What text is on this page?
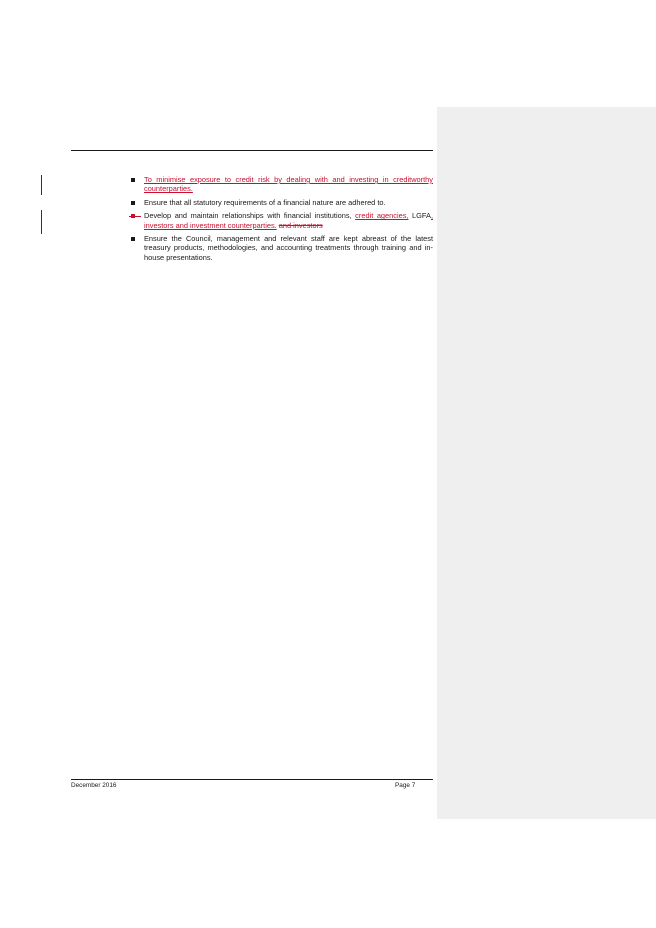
To minimise exposure to credit risk by dealing with and investing in creditworthy counterparties.
Ensure that all statutory requirements of a financial nature are adhered to.
Develop and maintain relationships with financial institutions, credit agencies, LGFA, investors and investment counterparties. and investors
Ensure the Council, management and relevant staff are kept abreast of the latest treasury products, methodologies, and accounting treatments through training and in-house presentations.
December 2016	Page 7
